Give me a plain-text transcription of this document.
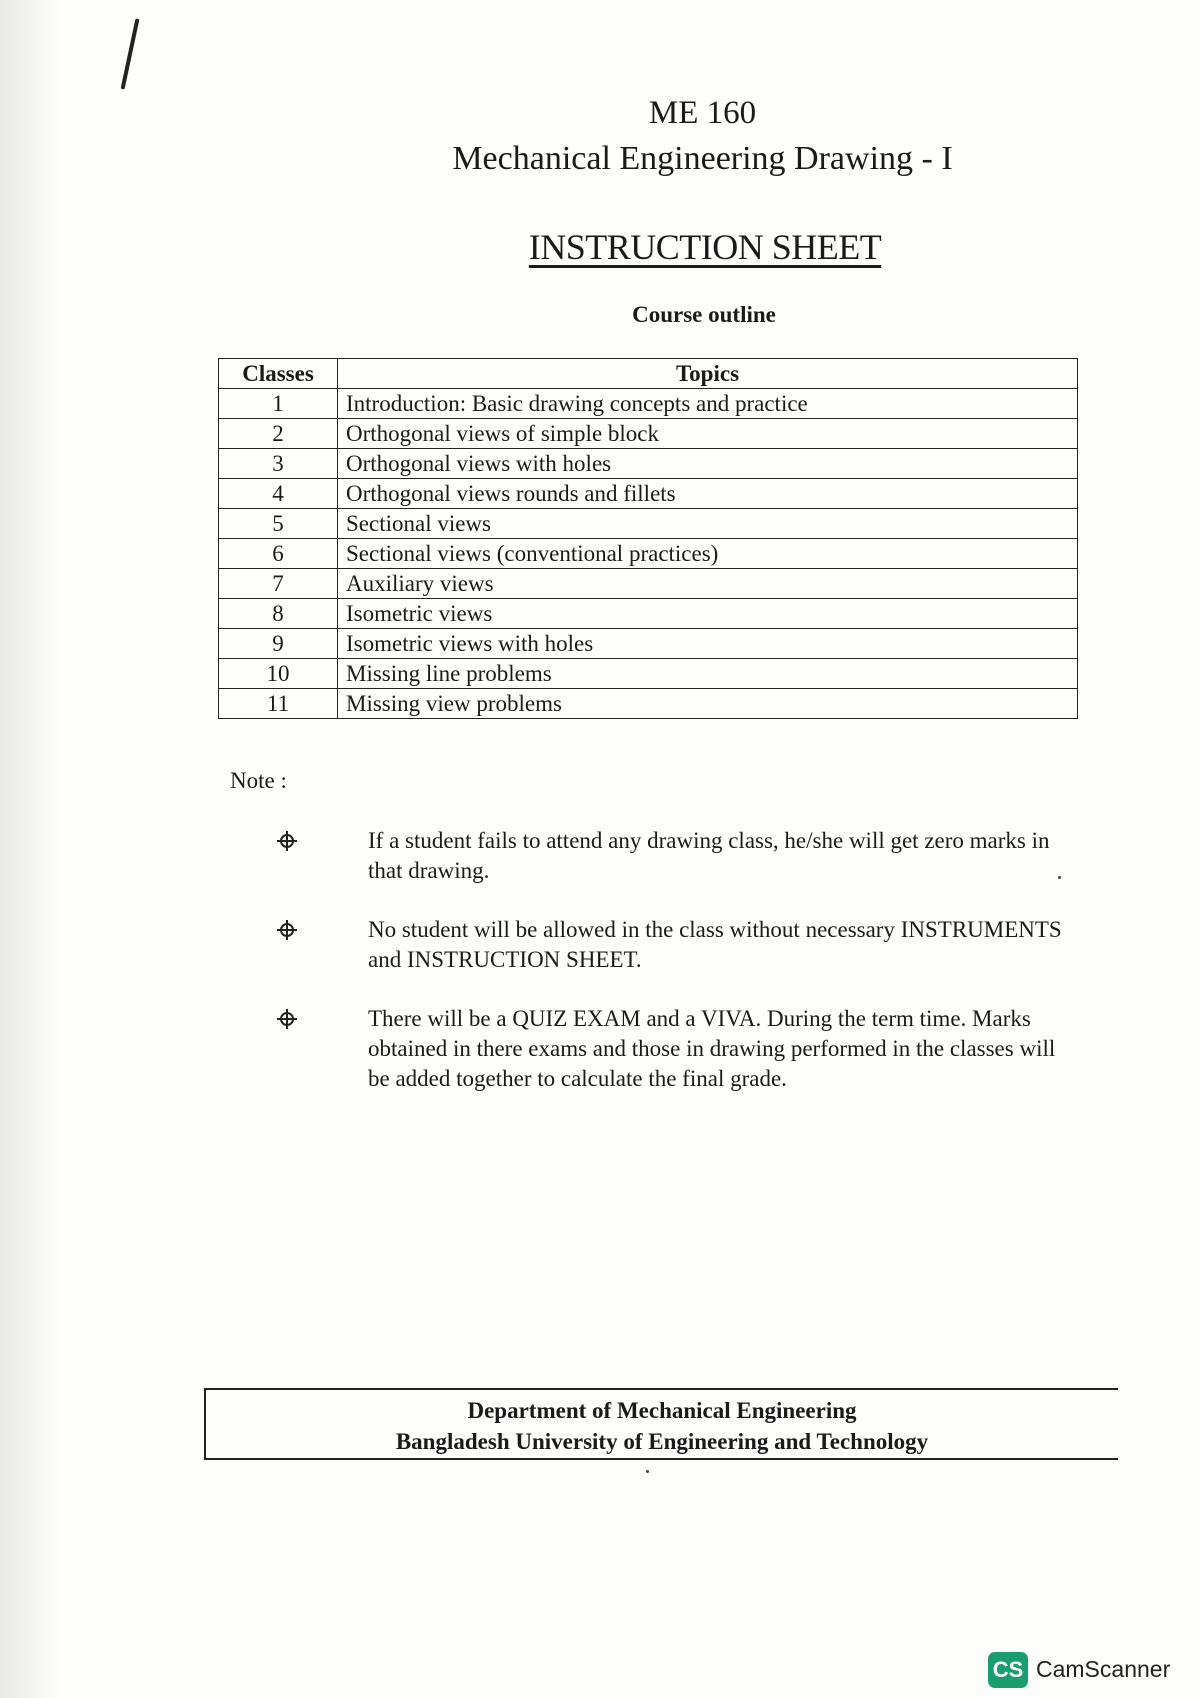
ME 160
Mechanical Engineering Drawing - I
INSTRUCTION SHEET
Course outline
Classes	Topics
1	Introduction: Basic drawing concepts and practice
2	Orthogonal views of simple block
3	Orthogonal views with holes
4	Orthogonal views rounds and fillets
5	Sectional views
6	Sectional views (conventional practices)
7	Auxiliary views
8	Isometric views
9	Isometric views with holes
10	Missing line problems
11	Missing view problems
Note :
If a student fails to attend any drawing class, he/she will get zero marks in that drawing.
No student will be allowed in the class without necessary INSTRUMENTS and INSTRUCTION SHEET.
There will be a QUIZ EXAM and a VIVA. During the term time. Marks obtained in there exams and those in drawing performed in the classes will be added together to calculate the final grade.
Department of Mechanical Engineering
Bangladesh University of Engineering and Technology
CS CamScanner
